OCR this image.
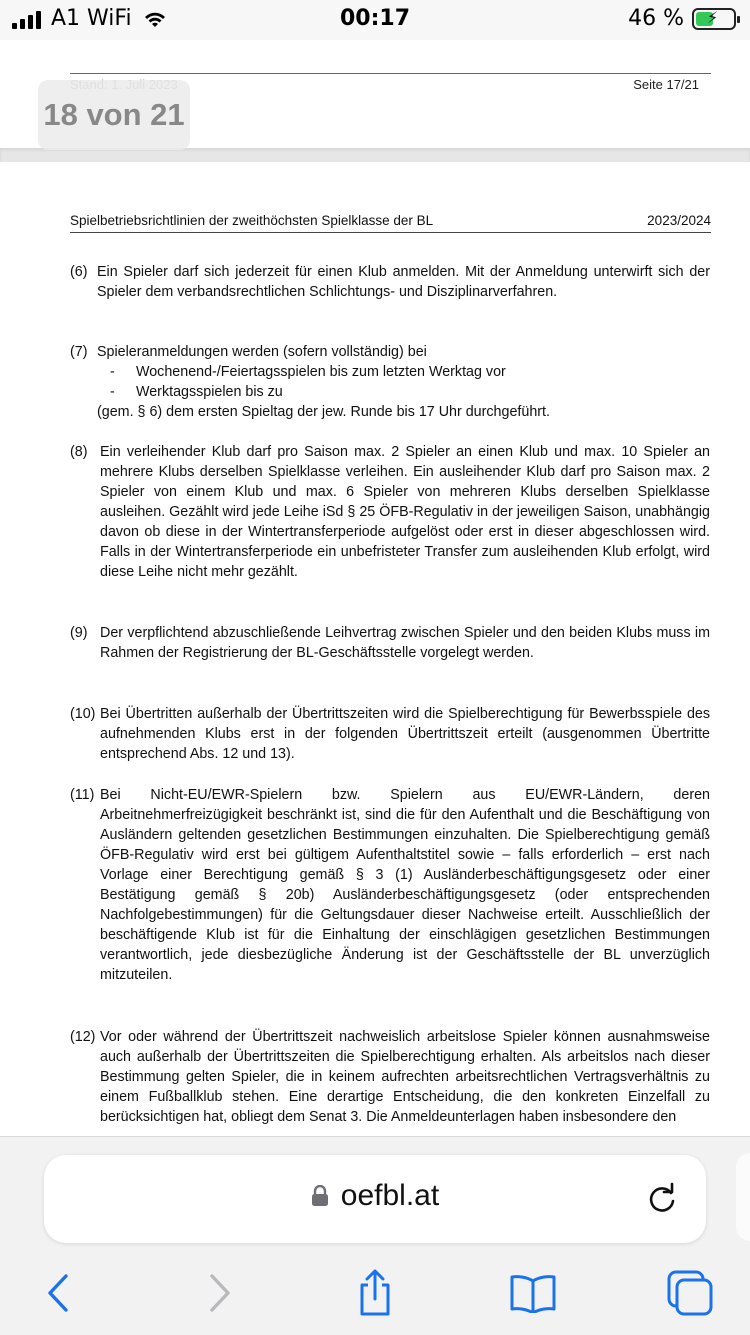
A1 WiFi	00:17	46 % ⚡
Seite 17/21
18 von 21
Spielbetriebsrichtlinien der zweithöchsten Spielklasse der BL	2023/2024
(6) Ein Spieler darf sich jederzeit für einen Klub anmelden. Mit der Anmeldung unterwirft sich der Spieler dem verbandsrechtlichen Schlichtungs- und Disziplinarverfahren.
(7) Spieleranmeldungen werden (sofern vollständig) bei
-	Wochenend-/Feiertagsspielen bis zum letzten Werktag vor
-	Werktagsspielen bis zu
(gem. § 6) dem ersten Spieltag der jew. Runde bis 17 Uhr durchgeführt.
(8) Ein verleihender Klub darf pro Saison max. 2 Spieler an einen Klub und max. 10 Spieler an mehrere Klubs derselben Spielklasse verleihen. Ein ausleihender Klub darf pro Saison max. 2 Spieler von einem Klub und max. 6 Spieler von mehreren Klubs derselben Spielklasse ausleihen. Gezählt wird jede Leihe iSd § 25 ÖFB-Regulativ in der jeweiligen Saison, unabhängig davon ob diese in der Wintertransferperiode aufgelöst oder erst in dieser abgeschlossen wird. Falls in der Wintertransferperiode ein unbefristeter Transfer zum ausleihenden Klub erfolgt, wird diese Leihe nicht mehr gezählt.
(9) Der verpflichtend abzuschließende Leihvertrag zwischen Spieler und den beiden Klubs muss im Rahmen der Registrierung der BL-Geschäftsstelle vorgelegt werden.
(10) Bei Übertritten außerhalb der Übertrittszeiten wird die Spielberechtigung für Bewerbsspiele des aufnehmenden Klubs erst in der folgenden Übertrittszeit erteilt (ausgenommen Übertritte entsprechend Abs. 12 und 13).
(11) Bei Nicht-EU/EWR-Spielern bzw. Spielern aus EU/EWR-Ländern, deren Arbeitnehmerfreizügigkeit beschränkt ist, sind die für den Aufenthalt und die Beschäftigung von Ausländern geltenden gesetzlichen Bestimmungen einzuhalten. Die Spielberechtigung gemäß ÖFB-Regulativ wird erst bei gültigem Aufenthaltstitel sowie – falls erforderlich – erst nach Vorlage einer Berechtigung gemäß § 3 (1) Ausländerbeschäftigungsgesetz oder einer Bestätigung gemäß § 20b) Ausländerbeschäftigungsgesetz (oder entsprechenden Nachfolgebestimmungen) für die Geltungsdauer dieser Nachweise erteilt. Ausschließlich der beschäftigende Klub ist für die Einhaltung der einschlägigen gesetzlichen Bestimmungen verantwortlich, jede diesbezügliche Änderung ist der Geschäftsstelle der BL unverzüglich mitzuteilen.
(12) Vor oder während der Übertrittszeit nachweislich arbeitslose Spieler können ausnahmsweise auch außerhalb der Übertrittszeiten die Spielberechtigung erhalten. Als arbeitslos nach dieser Bestimmung gelten Spieler, die in keinem aufrechten arbeitsrechtlichen Vertragsverhältnis zu einem Fußballklub stehen. Eine derartige Entscheidung, die den konkreten Einzelfall zu berücksichtigen hat, obliegt dem Senat 3. Die Anmeldeunterlagen haben insbesondere den
oefbl.at
